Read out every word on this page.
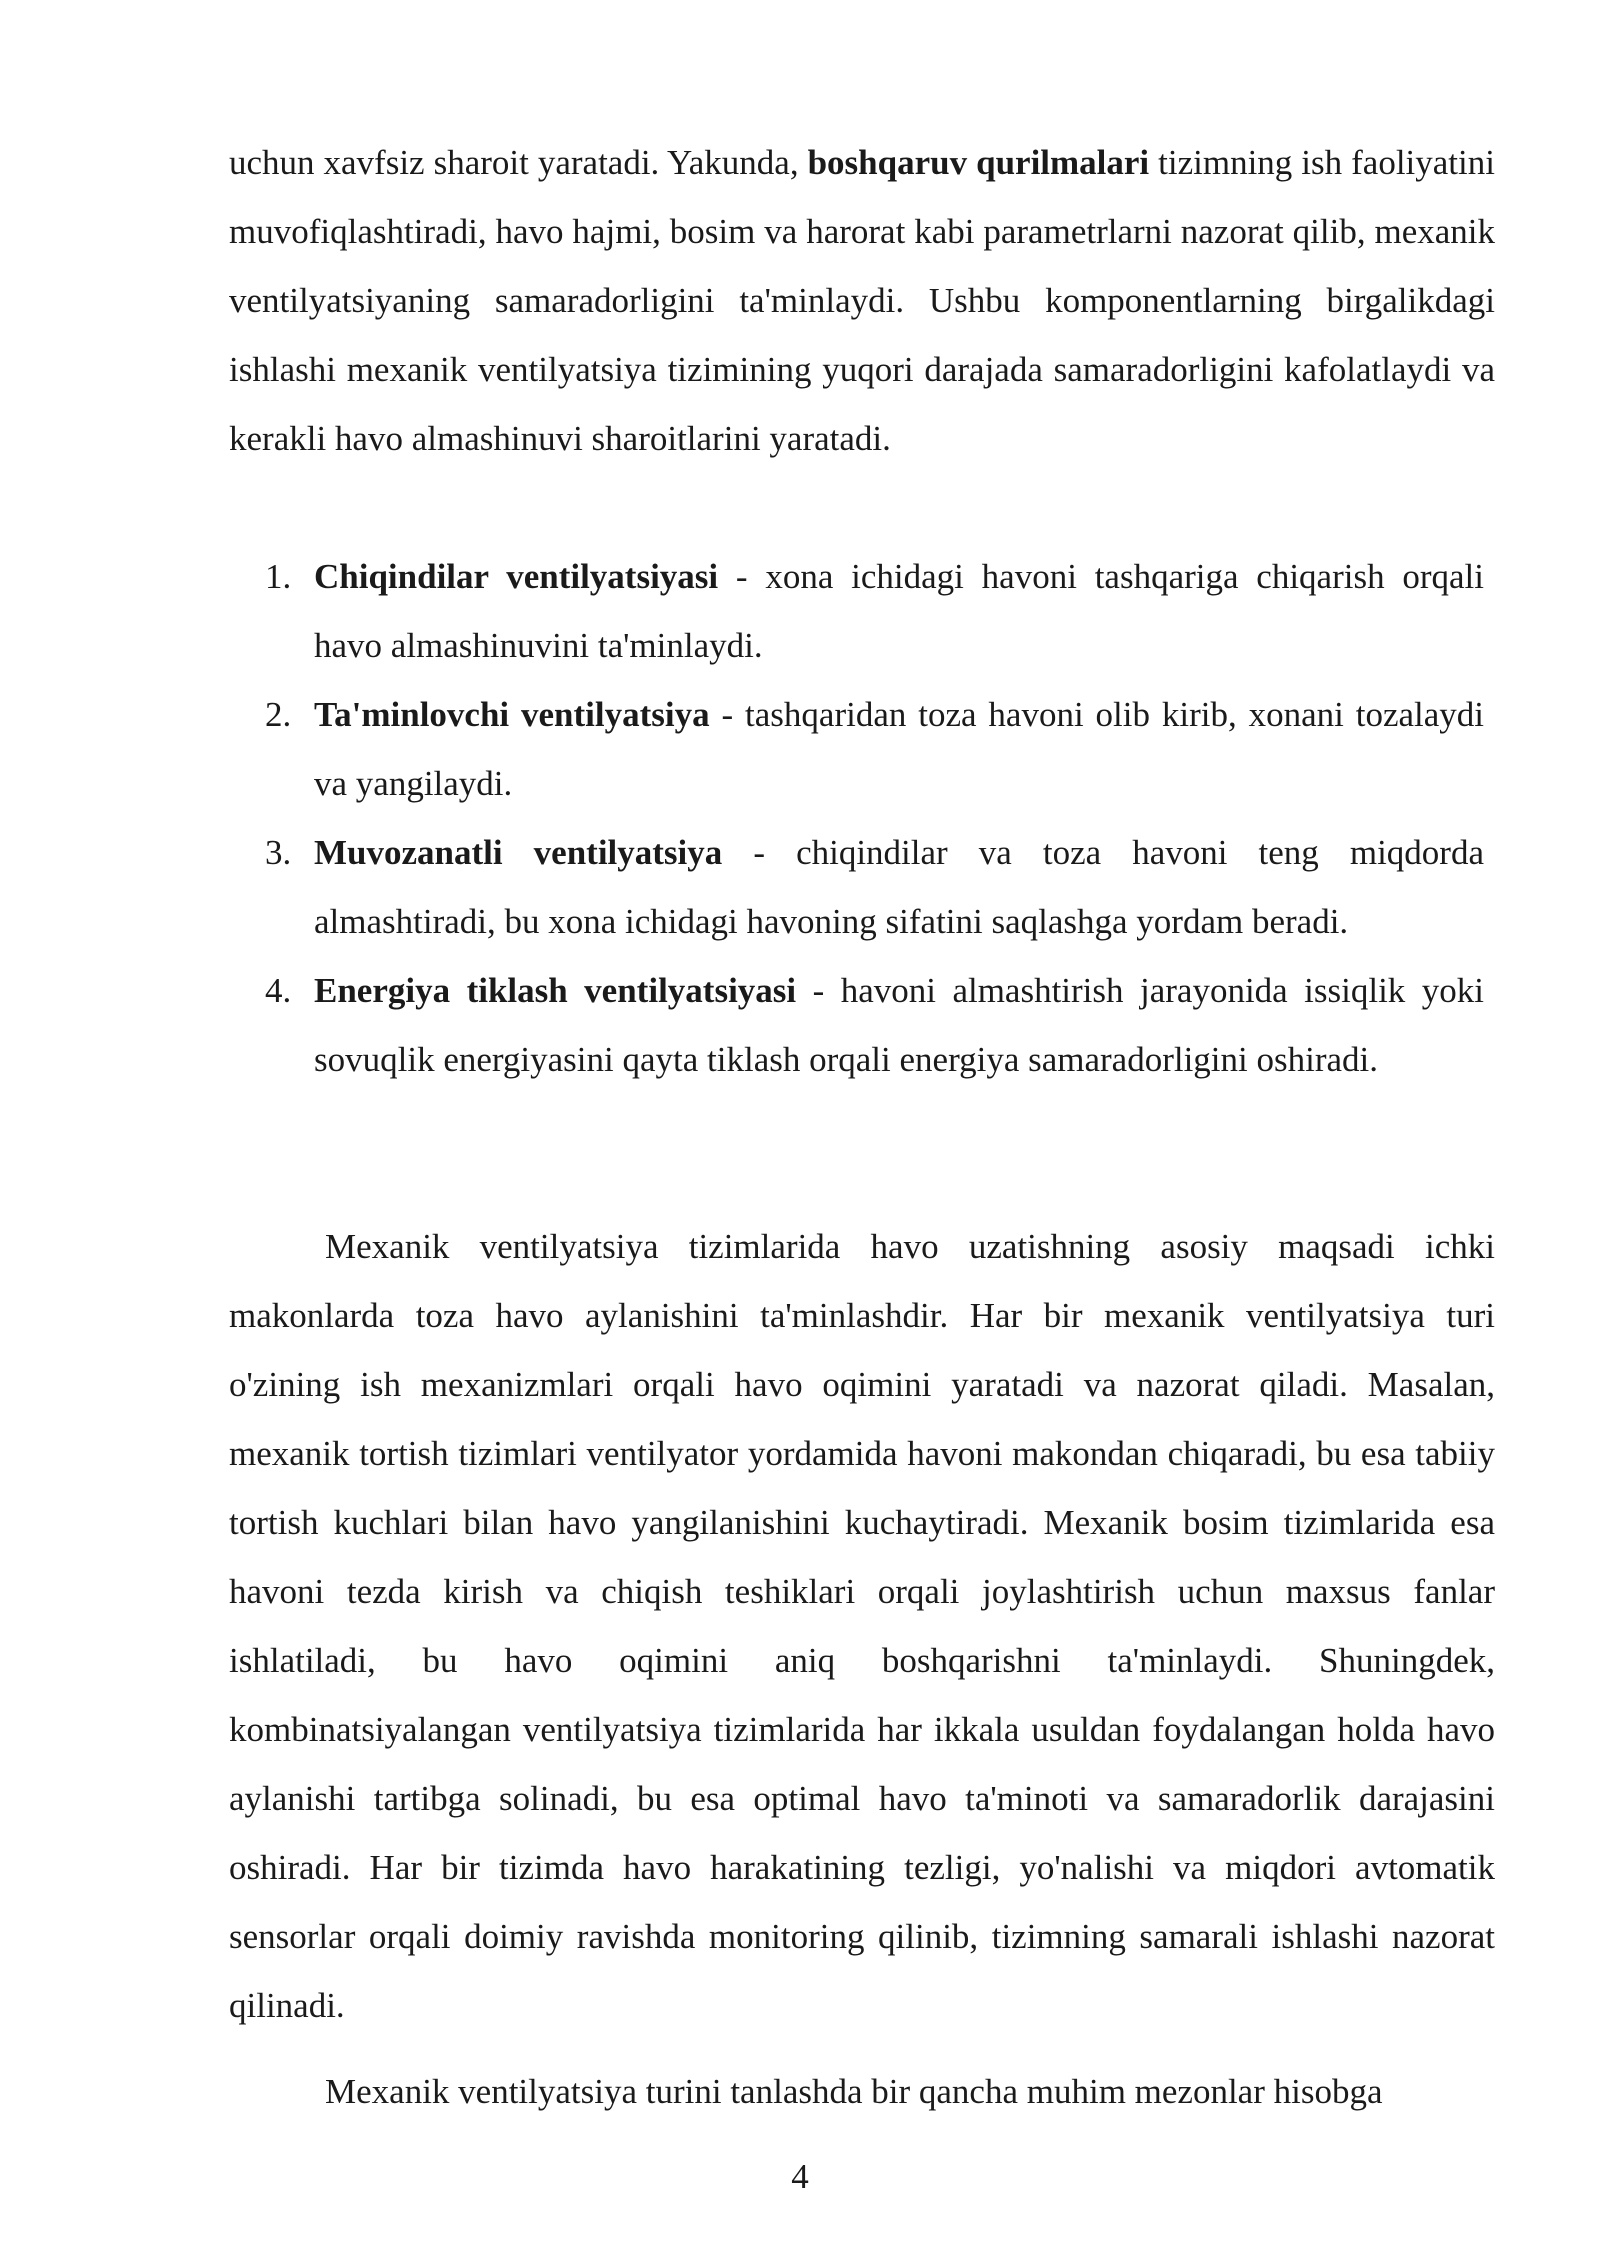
uchun xavfsiz sharoit yaratadi. Yakunda, boshqaruv qurilmalari tizimning ish faoliyatini muvofiqlashtiradi, havo hajmi, bosim va harorat kabi parametrlarni nazorat qilib, mexanik ventilyatsiyaning samaradorligini ta'minlaydi. Ushbu komponentlarning birgalikdagi ishlashi mexanik ventilyatsiya tizimining yuqori darajada samaradorligini kafolatlaydi va kerakli havo almashinuvi sharoitlarini yaratadi.

1. Chiqindilar ventilyatsiyasi - xona ichidagi havoni tashqariga chiqarish orqali havo almashinuvini ta'minlaydi.
2. Ta'minlovchi ventilyatsiya - tashqaridan toza havoni olib kirib, xonani tozalaydi va yangilaydi.
3. Muvozanatli ventilyatsiya - chiqindilar va toza havoni teng miqdorda almashtiradi, bu xona ichidagi havoning sifatini saqlashga yordam beradi.
4. Energiya tiklash ventilyatsiyasi - havoni almashtirish jarayonida issiqlik yoki sovuqlik energiyasini qayta tiklash orqali energiya samaradorligini oshiradi.

Mexanik ventilyatsiya tizimlarida havo uzatishning asosiy maqsadi ichki makonlarda toza havo aylanishini ta'minlashdir. Har bir mexanik ventilyatsiya turi o'zining ish mexanizmlari orqali havo oqimini yaratadi va nazorat qiladi. Masalan, mexanik tortish tizimlari ventilyator yordamida havoni makondan chiqaradi, bu esa tabiiy tortish kuchlari bilan havo yangilanishini kuchaytiradi. Mexanik bosim tizimlarida esa havoni tezda kirish va chiqish teshiklari orqali joylashtirish uchun maxsus fanlar ishlatiladi, bu havo oqimini aniq boshqarishni ta'minlaydi. Shuningdek, kombinatsiyalangan ventilyatsiya tizimlarida har ikkala usuldan foydalangan holda havo aylanishi tartibga solinadi, bu esa optimal havo ta'minoti va samaradorlik darajasini oshiradi. Har bir tizimda havo harakatining tezligi, yo'nalishi va miqdori avtomatik sensorlar orqali doimiy ravishda monitoring qilinib, tizimning samarali ishlashi nazorat qilinadi.

Mexanik ventilyatsiya turini tanlashda bir qancha muhim mezonlar hisobga

4
